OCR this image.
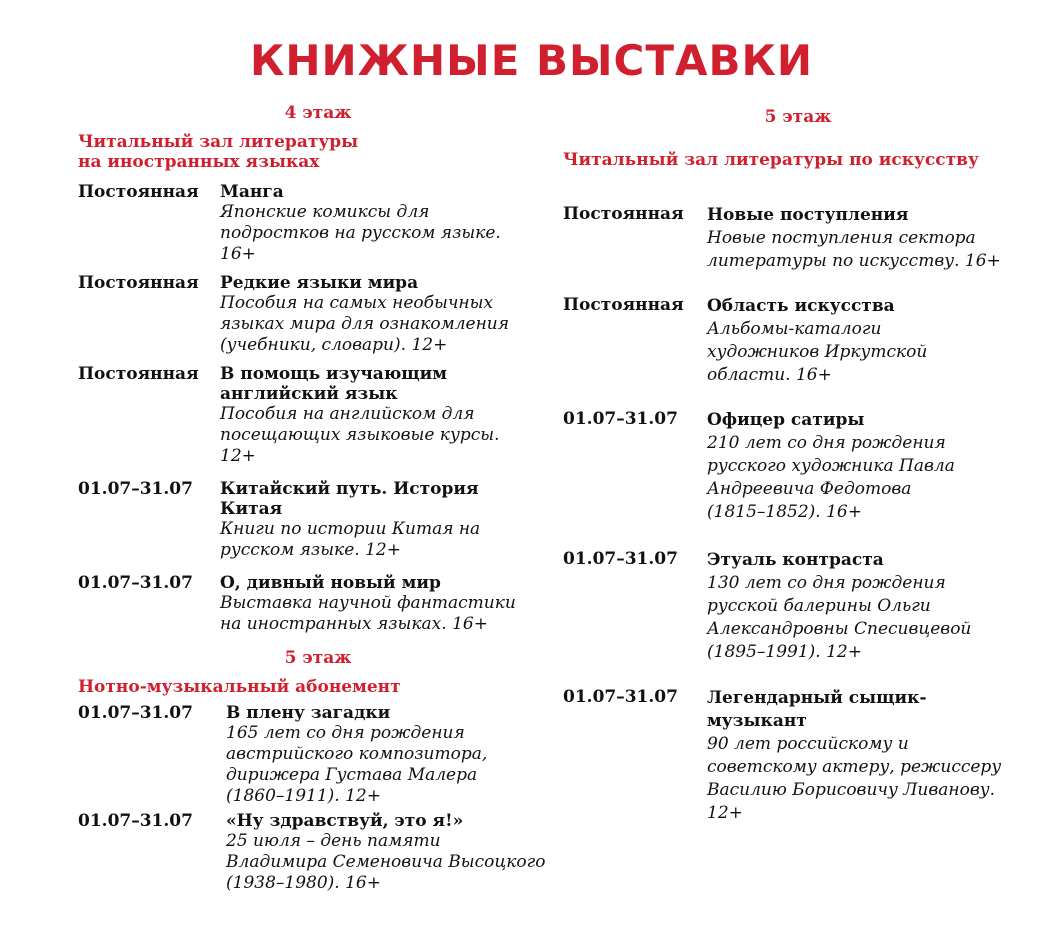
КНИЖНЫЕ ВЫСТАВКИ
4 этаж
Читальный зал литературы
на иностранных языках
Постоянная	Манга
Японские комиксы для
подростков на русском языке.
16+
Постоянная	Редкие языки мира
Пособия на самых необычных
языках мира для ознакомления
(учебники, словари). 12+
Постоянная	В помощь изучающим
английский язык
Пособия на английском для
посещающих языковые курсы.
12+
01.07–31.07	Китайский путь. История
Китая
Книги по истории Китая на
русском языке. 12+
01.07–31.07	О, дивный новый мир
Выставка научной фантастики
на иностранных языках. 16+
5 этаж
Нотно-музыкальный абонемент
01.07–31.07	В плену загадки
165 лет со дня рождения
австрийского композитора,
дирижера Густава Малера
(1860–1911). 12+
01.07–31.07	«Ну здравствуй, это я!»
25 июля – день памяти
Владимира Семеновича Высоцкого
(1938–1980). 16+
5 этаж
Читальный зал литературы по искусству
Постоянная	Новые поступления
Новые поступления сектора
литературы по искусству. 16+
Постоянная	Область искусства
Альбомы-каталоги
художников Иркутской
области. 16+
01.07–31.07	Офицер сатиры
210 лет со дня рождения
русского художника Павла
Андреевича Федотова
(1815–1852). 16+
01.07–31.07	Этуаль контраста
130 лет со дня рождения
русской балерины Ольги
Александровны Спесивцевой
(1895–1991). 12+
01.07–31.07	Легендарный сыщик-
музыкант
90 лет российскому и
советскому актеру, режиссеру
Василию Борисовичу Ливанову.
12+
